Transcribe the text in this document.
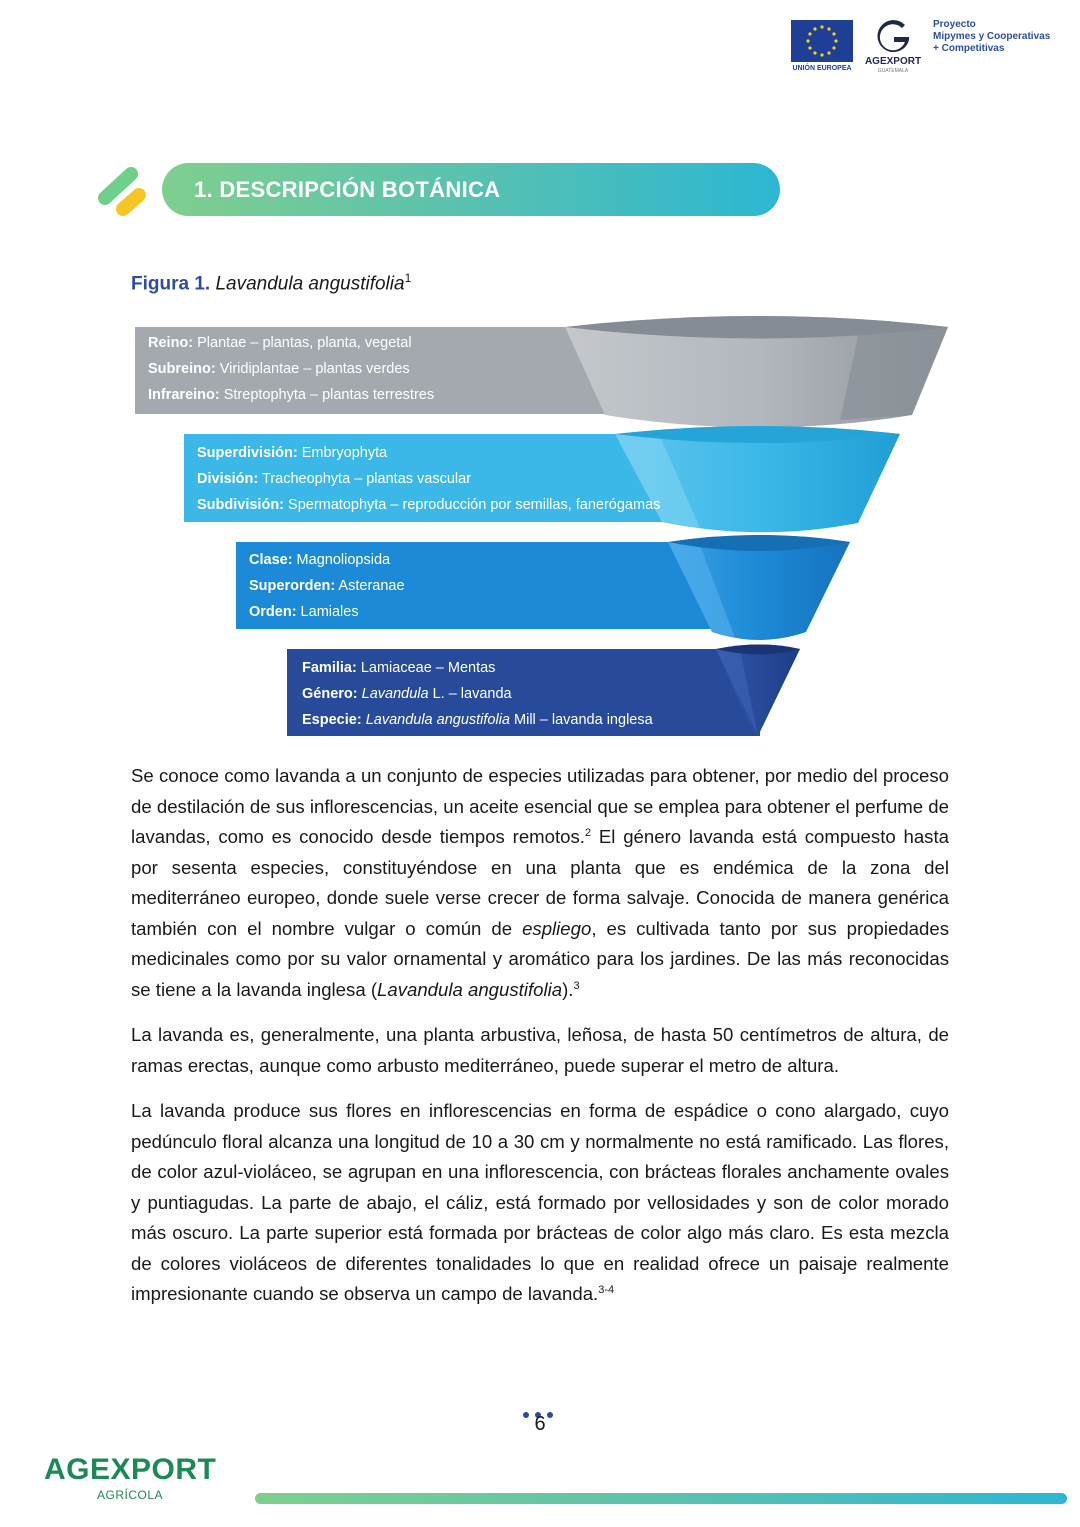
UNIÓN EUROPEA
AGEXPORT
GUATEMALA
Proyecto
Mipymes y Cooperativas
+ Competitivas
1. DESCRIPCIÓN BOTÁNICA
Figura 1. Lavandula angustifolia$^1$
Reino: Plantae – plantas, planta, vegetal
Subreino: Viridiplantae – plantas verdes
Infrareino: Streptophyta – plantas terrestres
Superdivisión: Embryophyta
División: Tracheophyta – plantas vascular
Subdivisión: Spermatophyta – reproducción por semillas, fanerógamas
Clase: Magnoliopsida
Superorden: Asteranae
Orden: Lamiales
Familia: Lamiaceae – Mentas
Género: Lavandula L. – lavanda
Especie: Lavandula angustifolia Mill – lavanda inglesa

Se conoce como lavanda a un conjunto de especies utilizadas para obtener, por medio del proceso de destilación de sus inflorescencias, un aceite esencial que se emplea para obtener el perfume de lavandas, como es conocido desde tiempos remotos.$^2$ El género lavanda está compuesto hasta por sesenta especies, constituyéndose en una planta que es endémica de la zona del mediterráneo europeo, donde suele verse crecer de forma salvaje. Conocida de manera genérica también con el nombre vulgar o común de espliego, es cultivada tanto por sus propiedades medicinales como por su valor ornamental y aromático para los jardines. De las más reconocidas se tiene a la lavanda inglesa (Lavandula angustifolia).$^3$

La lavanda es, generalmente, una planta arbustiva, leñosa, de hasta 50 centímetros de altura, de ramas erectas, aunque como arbusto mediterráneo, puede superar el metro de altura.

La lavanda produce sus flores en inflorescencias en forma de espádice o cono alargado, cuyo pedúnculo floral alcanza una longitud de 10 a 30 cm y normalmente no está ramificado. Las flores, de color azul-violáceo, se agrupan en una inflorescencia, con brácteas florales anchamente ovales y puntiagudas. La parte de abajo, el cáliz, está formado por vellosidades y son de color morado más oscuro. La parte superior está formada por brácteas de color algo más claro. Es esta mezcla de colores violáceos de diferentes tonalidades lo que en realidad ofrece un paisaje realmente impresionante cuando se observa un campo de lavanda.$^{3-4}$

6
AGEXPORT
AGRÍCOLA
